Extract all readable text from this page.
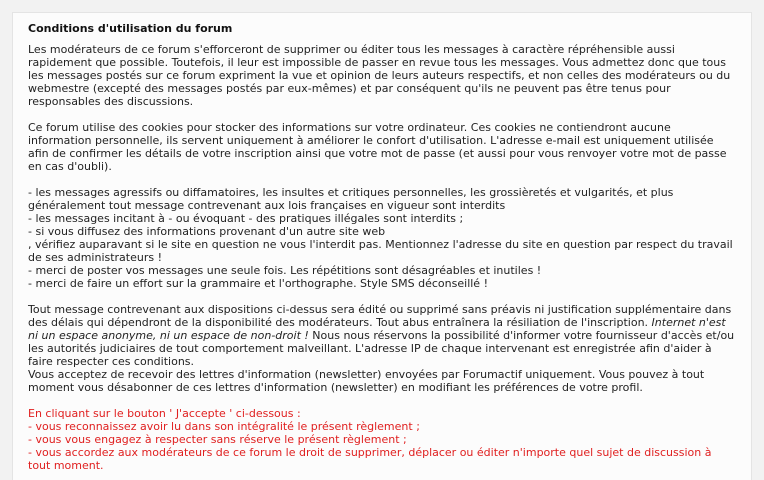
Conditions d'utilisation du forum
Les modérateurs de ce forum s'efforceront de supprimer ou éditer tous les messages à caractère répréhensible aussi rapidement que possible. Toutefois, il leur est impossible de passer en revue tous les messages. Vous admettez donc que tous les messages postés sur ce forum expriment la vue et opinion de leurs auteurs respectifs, et non celles des modérateurs ou du webmestre (excepté des messages postés par eux-mêmes) et par conséquent qu'ils ne peuvent pas être tenus pour responsables des discussions.
Ce forum utilise des cookies pour stocker des informations sur votre ordinateur. Ces cookies ne contiendront aucune information personnelle, ils servent uniquement à améliorer le confort d'utilisation. L'adresse e-mail est uniquement utilisée afin de confirmer les détails de votre inscription ainsi que votre mot de passe (et aussi pour vous renvoyer votre mot de passe en cas d'oubli).
- les messages agressifs ou diffamatoires, les insultes et critiques personnelles, les grossièretés et vulgarités, et plus généralement tout message contrevenant aux lois françaises en vigueur sont interdits
- les messages incitant à - ou évoquant - des pratiques illégales sont interdits ;
- si vous diffusez des informations provenant d'un autre site web
, vérifiez auparavant si le site en question ne vous l'interdit pas. Mentionnez l'adresse du site en question par respect du travail de ses administrateurs !
- merci de poster vos messages une seule fois. Les répétitions sont désagréables et inutiles !
- merci de faire un effort sur la grammaire et l'orthographe. Style SMS déconseillé !
Tout message contrevenant aux dispositions ci-dessus sera édité ou supprimé sans préavis ni justification supplémentaire dans des délais qui dépendront de la disponibilité des modérateurs. Tout abus entraînera la résiliation de l'inscription. Internet n'est ni un espace anonyme, ni un espace de non-droit ! Nous nous réservons la possibilité d'informer votre fournisseur d'accès et/ou les autorités judiciaires de tout comportement malveillant. L'adresse IP de chaque intervenant est enregistrée afin d'aider à faire respecter ces conditions.
Vous acceptez de recevoir des lettres d'information (newsletter) envoyées par Forumactif uniquement. Vous pouvez à tout moment vous désabonner de ces lettres d'information (newsletter) en modifiant les préférences de votre profil.
En cliquant sur le bouton ' J'accepte ' ci-dessous :
- vous reconnaissez avoir lu dans son intégralité le présent règlement ;
- vous vous engagez à respecter sans réserve le présent règlement ;
- vous accordez aux modérateurs de ce forum le droit de supprimer, déplacer ou éditer n'importe quel sujet de discussion à tout moment.
